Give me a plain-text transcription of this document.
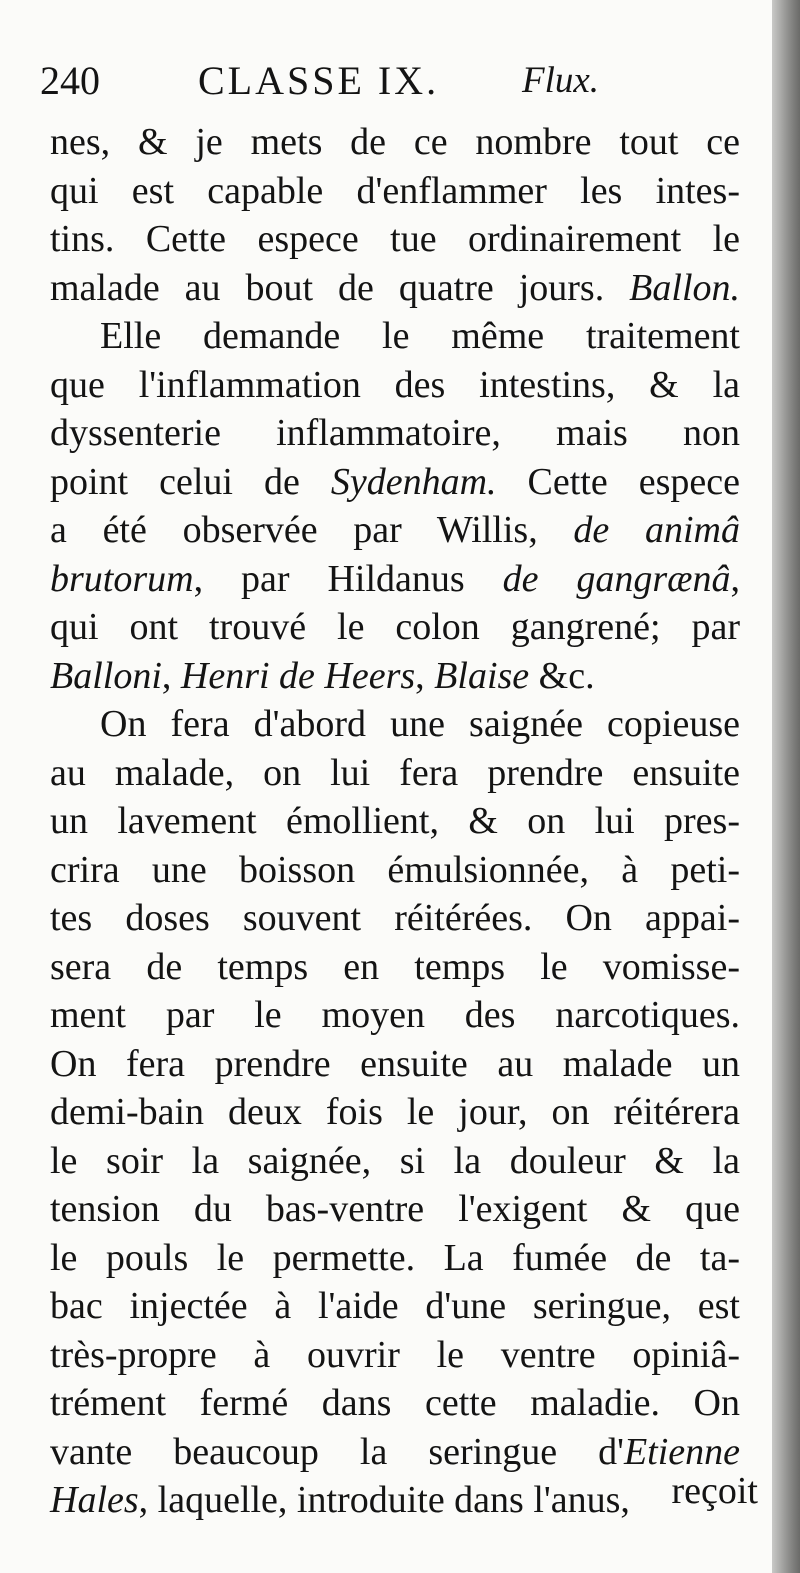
240 CLASSE IX. Flux.
nes, & je mets de ce nombre tout ce
qui est capable d'enflammer les intes-
tins. Cette espece tue ordinairement le
malade au bout de quatre jours. Ballon.
Elle demande le même traitement
que l'inflammation des intestins, & la
dyssenterie inflammatoire, mais non
point celui de Sydenham. Cette espece
a été observée par Willis, de animâ
brutorum, par Hildanus de gangrænâ,
qui ont trouvé le colon gangrené; par
Balloni, Henri de Heers, Blaise &c.
On fera d'abord une saignée copieuse
au malade, on lui fera prendre ensuite
un lavement émollient, & on lui pres-
crira une boisson émulsionnée, à peti-
tes doses souvent réitérées. On appai-
sera de temps en temps le vomisse-
ment par le moyen des narcotiques.
On fera prendre ensuite au malade un
demi-bain deux fois le jour, on réitérera
le soir la saignée, si la douleur & la
tension du bas-ventre l'exigent & que
le pouls le permette. La fumée de ta-
bac injectée à l'aide d'une seringue, est
très-propre à ouvrir le ventre opiniâ-
trément fermé dans cette maladie. On
vante beaucoup la seringue d'Etienne
Hales, laquelle, introduite dans l'anus,	reçoit
